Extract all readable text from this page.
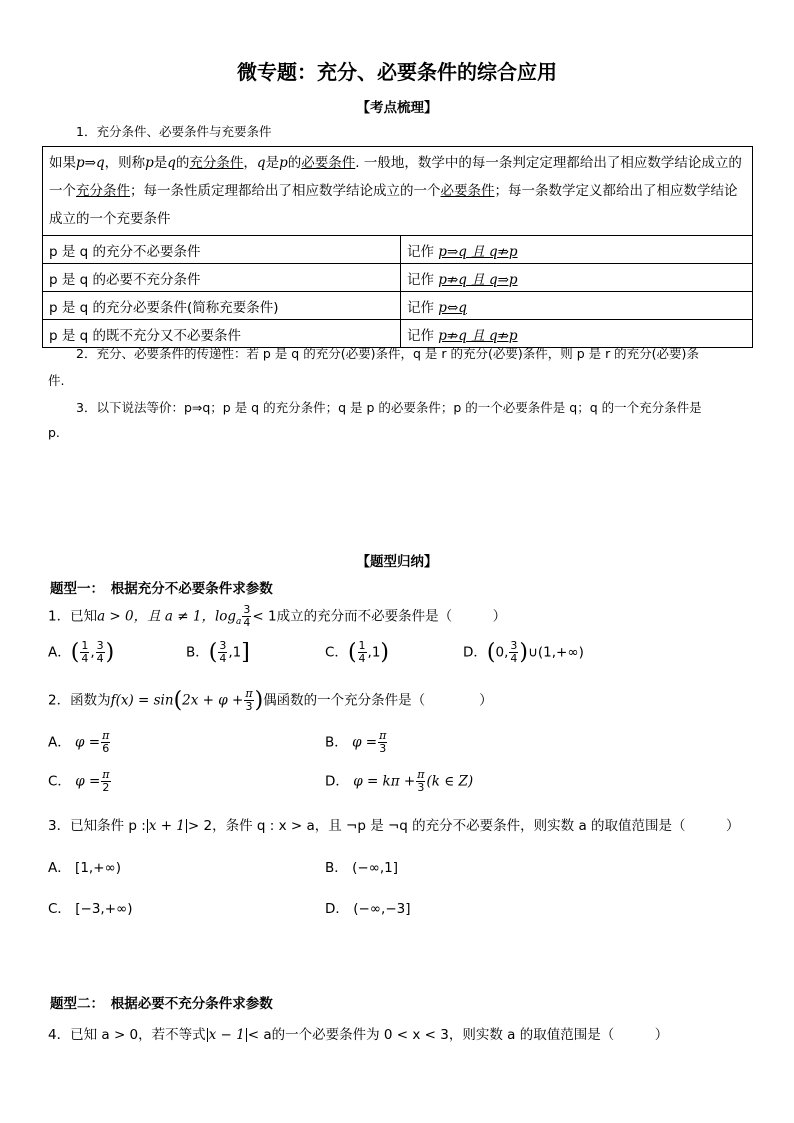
微专题：充分、必要条件的综合应用
【考点梳理】
1．充分条件、必要条件与充要条件
如果p⇒q，则称p是q的充分条件，q是p的必要条件. 一般地，数学中的每一条判定定理都给出了相应数学结论成立的一个充分条件；每一条性质定理都给出了相应数学结论成立的一个必要条件；每一条数学定义都给出了相应数学结论成立的一个充要条件	
p 是 q 的充分不必要条件	记作 p⇒q 且 q⇏p
p 是 q 的必要不充分条件	记作 p⇏q 且 q⇒p
p 是 q 的充分必要条件(简称充要条件)	记作 p⇔q
p 是 q 的既不充分又不必要条件	记作 p⇏q 且 q⇏p
2．充分、必要条件的传递性：若 p 是 q 的充分(必要)条件，q 是 r 的充分(必要)条件，则 p 是 r 的充分(必要)条
件.
3．以下说法等价：p⇒q；p 是 q 的充分条件；q 是 p 的必要条件；p 的一个必要条件是 q；q 的一个充分条件是
p.
【题型归纳】
题型一：　根据充分不必要条件求参数
1．已知a > 0，且 a ≠ 1，$\log_a \frac{3}{4} < 1$成立的充分而不必要条件是（　　　）
A．( $\frac{1}{4}$ , $\frac{3}{4}$ )	B．( $\frac{3}{4} ,1$]	C．( $\frac{1}{4} ,1$)	D．(0, $\frac{3}{4}$ )∪(1,+∞)
2．函数为$f(x) = \sin(2x + \varphi + \frac{\pi}{3}$ )偶函数的一个充分条件是（　　　　）
A． $\varphi = \frac{\pi}{6}$	B． $\varphi = \frac{\pi}{3}$
C． $\varphi = \frac{\pi}{2}$	D． $\varphi = k\pi + \frac{\pi}{3} (k$ ∈ Z)
3．已知条件 p : x + 1 > 2，条件 q : x > a，且 ¬p 是 ¬q 的充分不必要条件，则实数 a 的取值范围是（　　　）
A． [1,+∞)	B． (−∞,1]
C． [−3,+∞)	D． (−∞,−3]
题型二：　根据必要不充分条件求参数
4．已知 a > 0，若不等式 x − 1 < a的一个必要条件为 0 < x < 3，则实数 a 的取值范围是（　　　）
